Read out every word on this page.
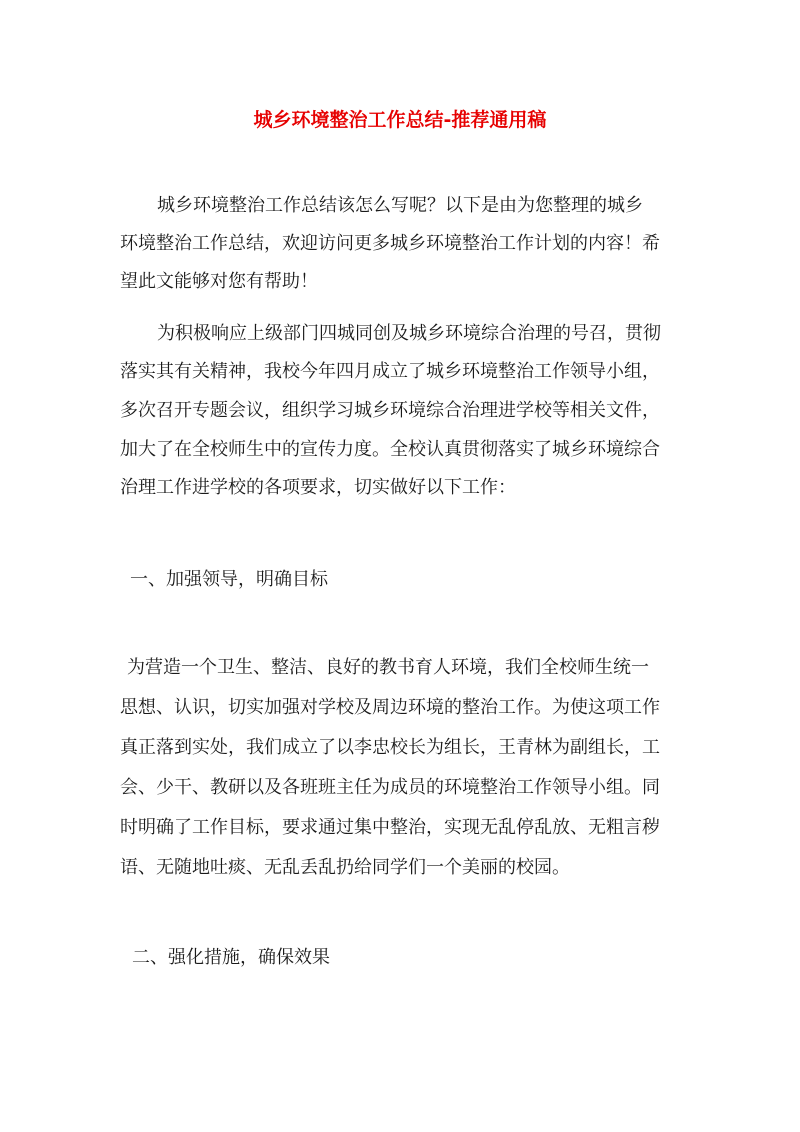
城乡环境整治工作总结-推荐通用稿

城乡环境整治工作总结该怎么写呢？以下是由为您整理的城乡

环境整治工作总结，欢迎访问更多城乡环境整治工作计划的内容！希

望此文能够对您有帮助！

为积极响应上级部门四城同创及城乡环境综合治理的号召，贯彻

落实其有关精神，我校今年四月成立了城乡环境整治工作领导小组，

多次召开专题会议，组织学习城乡环境综合治理进学校等相关文件，

加大了在全校师生中的宣传力度。全校认真贯彻落实了城乡环境综合

治理工作进学校的各项要求，切实做好以下工作：

一、加强领导，明确目标

为营造一个卫生、整洁、良好的教书育人环境，我们全校师生统一

思想、认识，切实加强对学校及周边环境的整治工作。为使这项工作

真正落到实处，我们成立了以李忠校长为组长，王青林为副组长，工

会、少干、教研以及各班班主任为成员的环境整治工作领导小组。同

时明确了工作目标，要求通过集中整治，实现无乱停乱放、无粗言秽

语、无随地吐痰、无乱丢乱扔给同学们一个美丽的校园。

二、强化措施，确保效果
